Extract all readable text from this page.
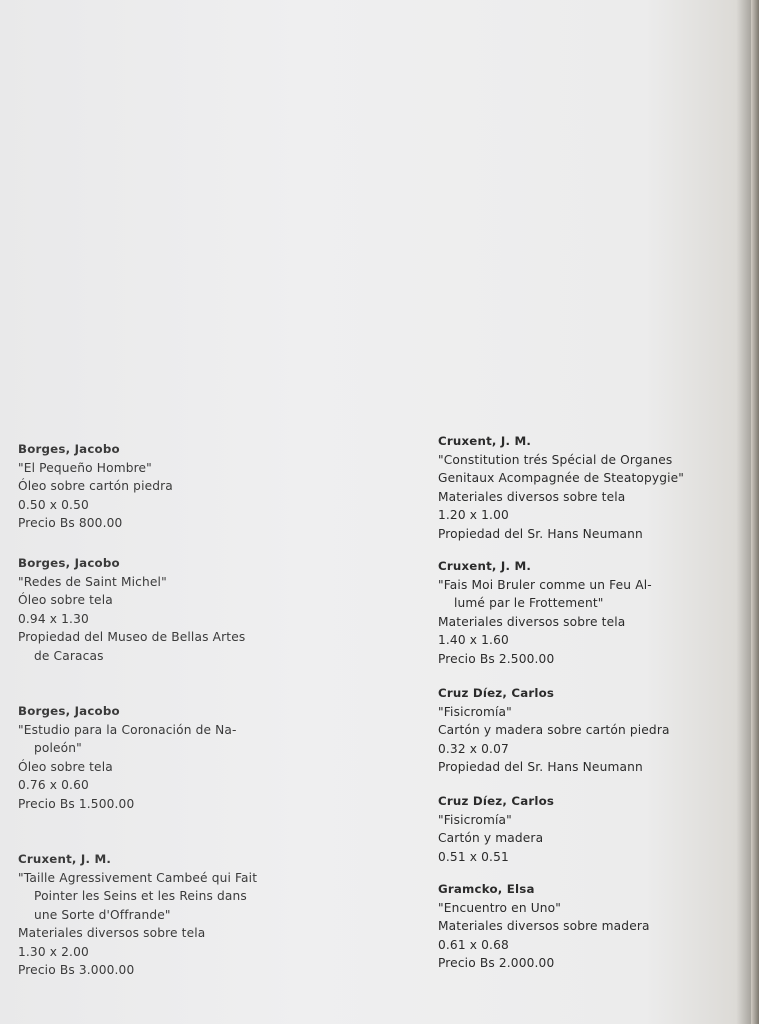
Borges, Jacobo
"El Pequeño Hombre"
Óleo sobre cartón piedra
0.50 x 0.50
Precio Bs 800.00
Borges, Jacobo
"Redes de Saint Michel"
Óleo sobre tela
0.94 x 1.30
Propiedad del Museo de Bellas Artes
de Caracas
Borges, Jacobo
"Estudio para la Coronación de Na-
poleón"
Óleo sobre tela
0.76 x 0.60
Precio Bs 1.500.00
Cruxent, J. M.
"Taille Agressivement Cambeé qui Fait
Pointer les Seins et les Reins dans
une Sorte d'Offrande"
Materiales diversos sobre tela
1.30 x 2.00
Precio Bs 3.000.00
Cruxent, J. M.
"Constitution trés Spécial de Organes
Genitaux Acompagnée de Steatopygie"
Materiales diversos sobre tela
1.20 x 1.00
Propiedad del Sr. Hans Neumann
Cruxent, J. M.
"Fais Moi Bruler comme un Feu Al-
lumé par le Frottement"
Materiales diversos sobre tela
1.40 x 1.60
Precio Bs 2.500.00
Cruz Díez, Carlos
"Fisicromía"
Cartón y madera sobre cartón piedra
0.32 x 0.07
Propiedad del Sr. Hans Neumann
Cruz Díez, Carlos
"Fisicromía"
Cartón y madera
0.51 x 0.51
Gramcko, Elsa
"Encuentro en Uno"
Materiales diversos sobre madera
0.61 x 0.68
Precio Bs 2.000.00
